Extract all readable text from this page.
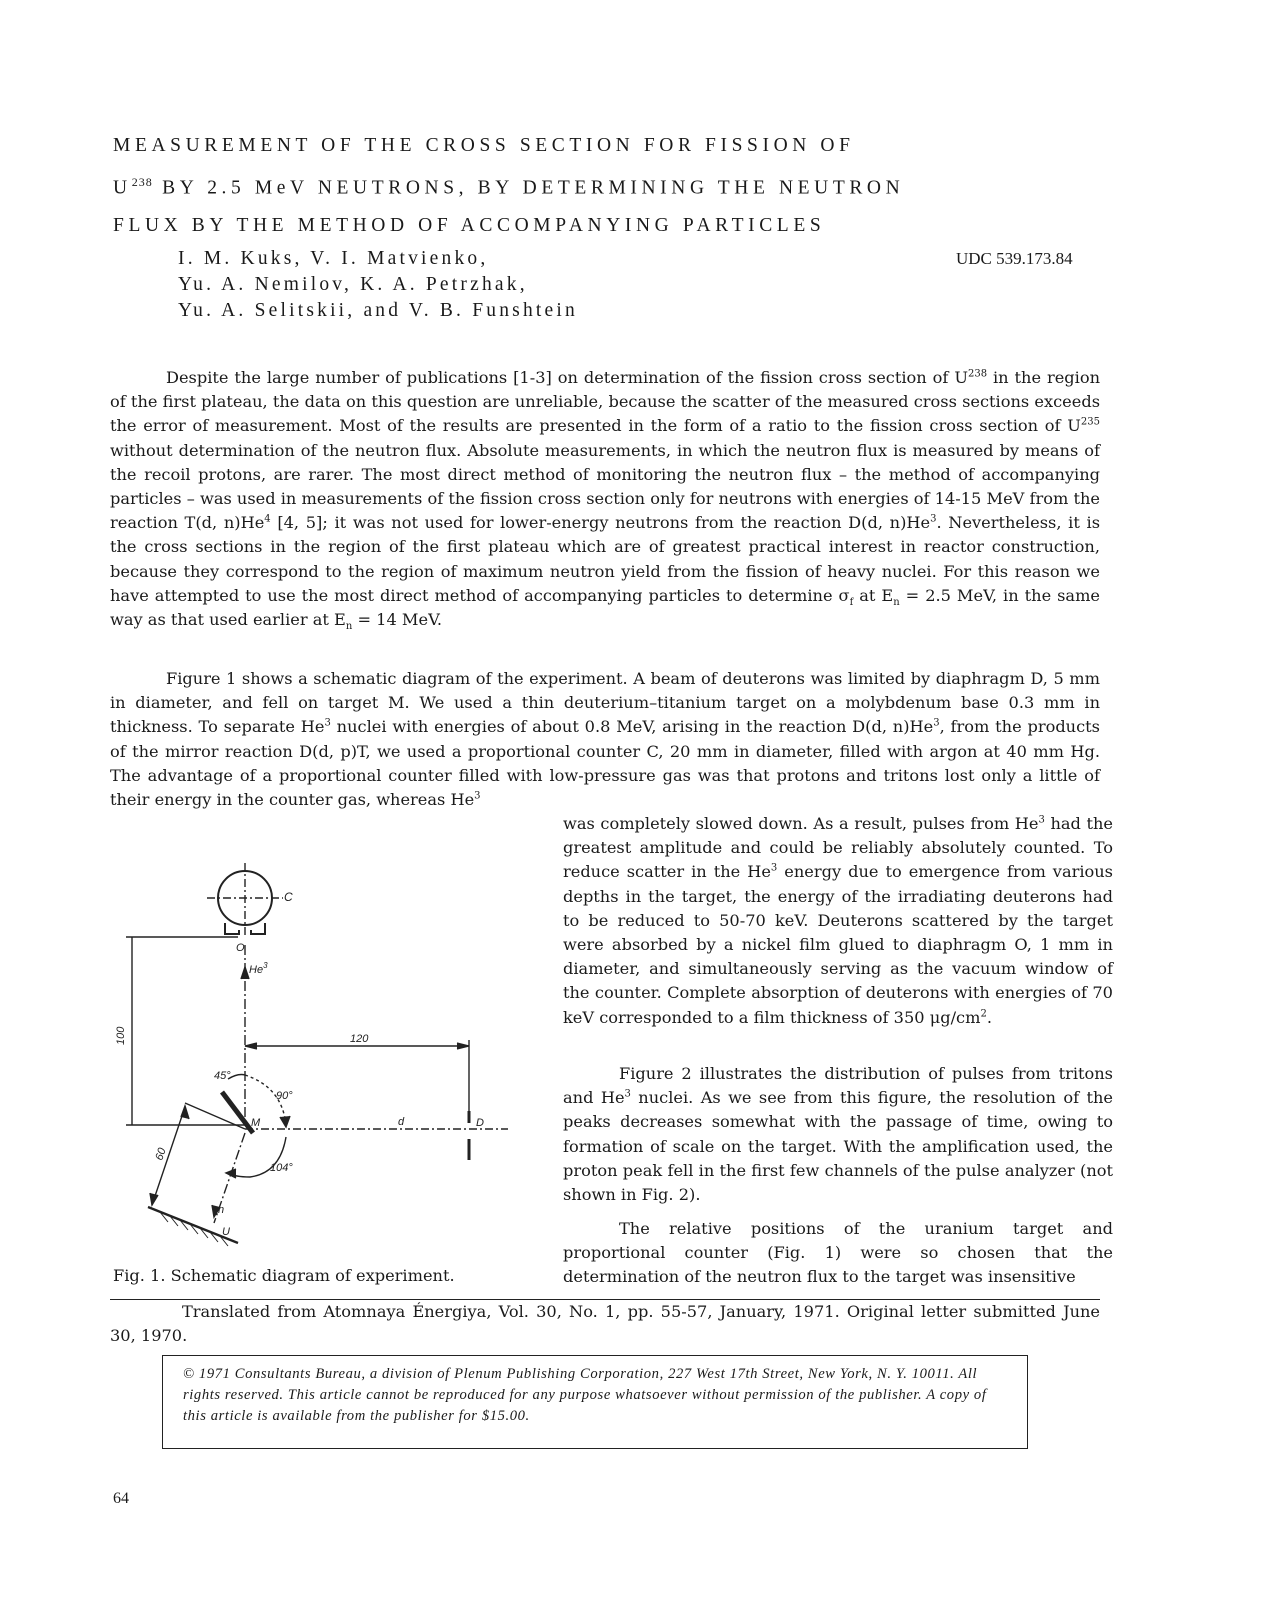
MEASUREMENT OF THE CROSS SECTION FOR FISSION OF
$U^{238}$ BY 2.5 MeV NEUTRONS, BY DETERMINING THE NEUTRON
FLUX BY THE METHOD OF ACCOMPANYING PARTICLES
I. M. Kuks, V. I. Matvienko,
Yu. A. Nemilov, K. A. Petrzhak,
Yu. A. Selitskii, and V. B. Funshtein
UDC 539.173.84

Despite the large number of publications [1-3] on determination of the fission cross section of $U^{238}$ in the region of the first plateau, the data on this question are unreliable, because the scatter of the measured cross sections exceeds the error of measurement. Most of the results are presented in the form of a ratio to the fission cross section of $U^{235}$ without determination of the neutron flux. Absolute measurements, in which the neutron flux is measured by means of the recoil protons, are rarer. The most direct method of monitoring the neutron flux – the method of accompanying particles – was used in measurements of the fission cross section only for neutrons with energies of 14-15 MeV from the reaction T(d, n)He$^4$ [4, 5]; it was not used for lower-energy neutrons from the reaction D(d, n)He$^3$. Nevertheless, it is the cross sections in the region of the first plateau which are of greatest practical interest in reactor construction, because they correspond to the region of maximum neutron yield from the fission of heavy nuclei. For this reason we have attempted to use the most direct method of accompanying particles to determine $\sigma_f$ at $E_n = 2.5$ MeV, in the same way as that used earlier at $E_n = 14$ MeV.

Figure 1 shows a schematic diagram of the experiment. A beam of deuterons was limited by diaphragm D, 5 mm in diameter, and fell on target M. We used a thin deuterium–titanium target on a molybdenum base 0.3 mm in thickness. To separate He$^3$ nuclei with energies of about 0.8 MeV, arising in the reaction D(d, n)He$^3$, from the products of the mirror reaction D(d, p)T, we used a proportional counter C, 20 mm in diameter, filled with argon at 40 mm Hg. The advantage of a proportional counter filled with low-pressure gas was that protons and tritons lost only a little of their energy in the counter gas, whereas He$^3$

was completely slowed down. As a result, pulses from He$^3$ had the greatest amplitude and could be reliably absolutely counted. To reduce scatter in the He$^3$ energy due to emergence from various depths in the target, the energy of the irradiating deuterons had to be reduced to 50-70 keV. Deuterons scattered by the target were absorbed by a nickel film glued to diaphragm O, 1 mm in diameter, and simultaneously serving as the vacuum window of the counter. Complete absorption of deuterons with energies of 70 keV corresponded to a film thickness of 350 $\mu g/cm^2$.

Figure 2 illustrates the distribution of pulses from tritons and He$^3$ nuclei. As we see from this figure, the resolution of the peaks decreases somewhat with the passage of time, owing to formation of scale on the target. With the amplification used, the proton peak fell in the first few channels of the pulse analyzer (not shown in Fig. 2).

The relative positions of the uranium target and proportional counter (Fig. 1) were so chosen that the determination of the neutron flux to the target was insensitive

C
O
He$^3$
100	120
45°
90°
M	d	D
60
104°
n
U
Fig. 1. Schematic diagram of experiment.

Translated from Atomnaya Énergiya, Vol. 30, No. 1, pp. 55-57, January, 1971. Original letter submitted June 30, 1970.

© 1971 Consultants Bureau, a division of Plenum Publishing Corporation, 227 West 17th Street, New York, N. Y. 10011. All rights reserved. This article cannot be reproduced for any purpose whatsoever without permission of the publisher. A copy of this article is available from the publisher for $15.00.
64
